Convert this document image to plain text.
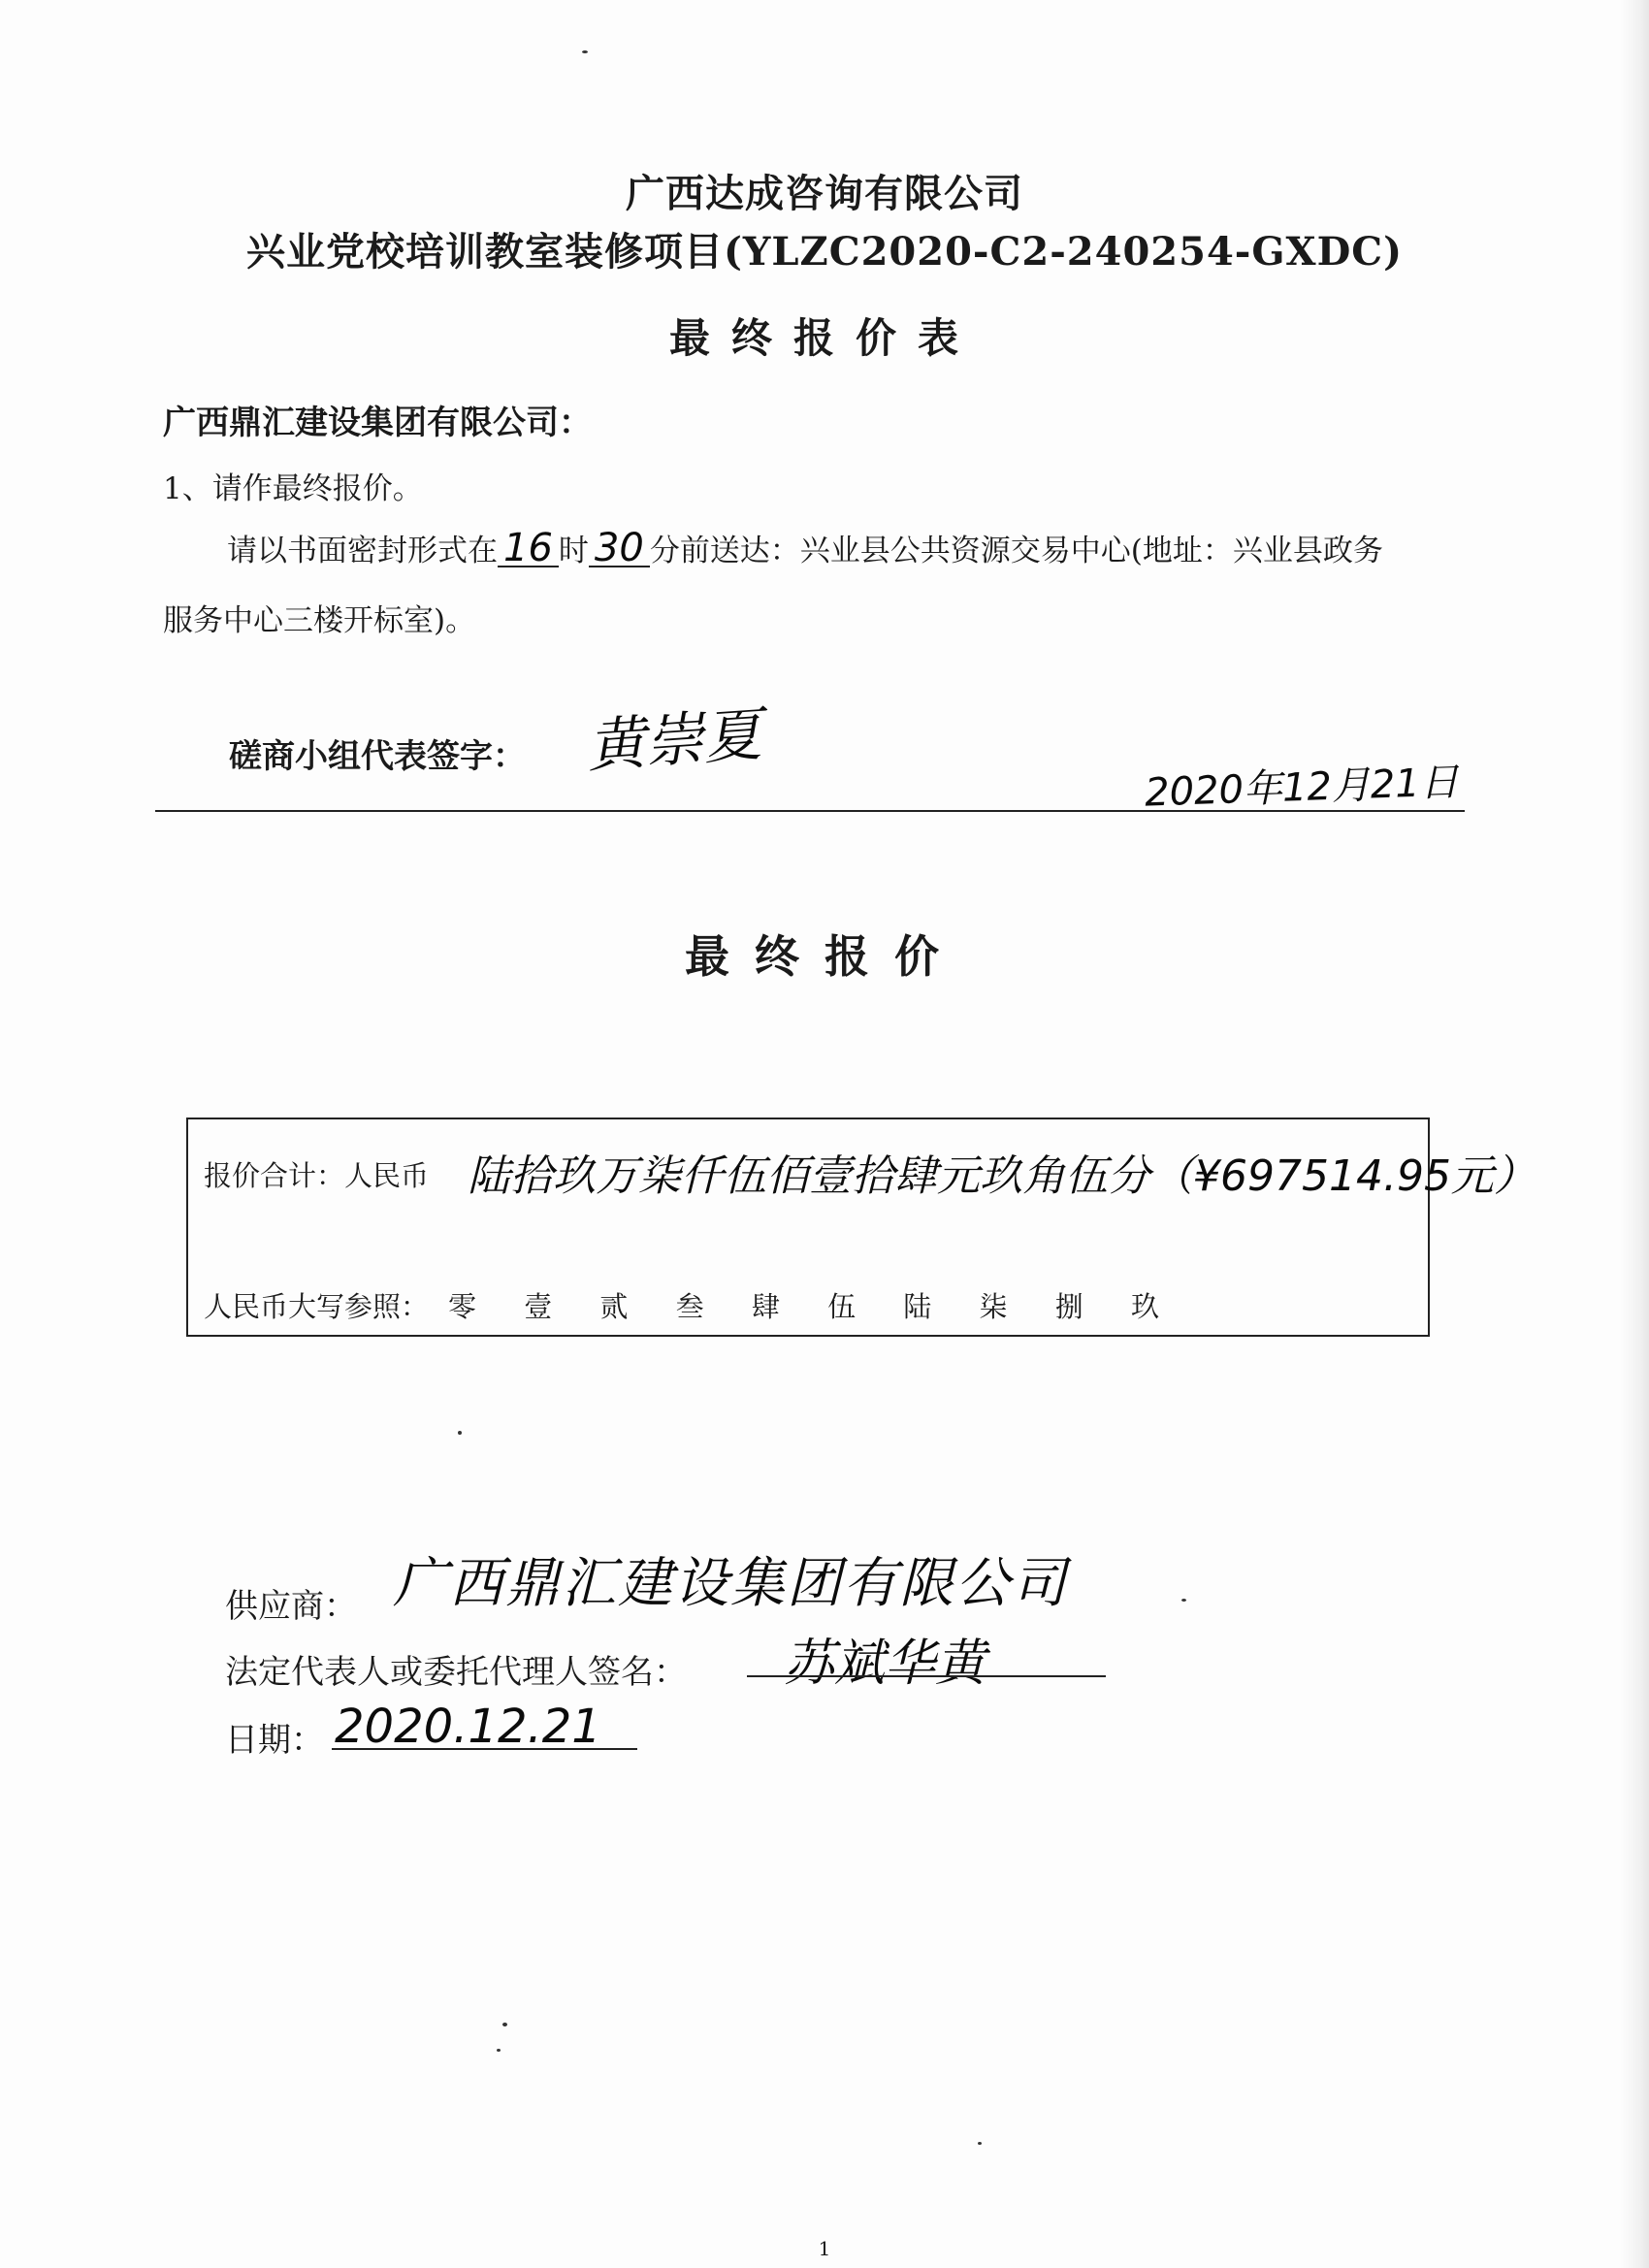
广西达成咨询有限公司
兴业党校培训教室装修项目(YLZC2020-C2-240254-GXDC)
最终报价表
广西鼎汇建设集团有限公司：
1、请作最终报价。
请以书面密封形式在 16 时 30 分前送达：兴业县公共资源交易中心(地址：兴业县政务
服务中心三楼开标室)。
磋商小组代表签字： 黄崇夏
2020年12月21日
最终报价
报价合计：人民币 陆拾玖万柒仟伍佰壹拾肆元玖角伍分（¥697514.95元）
人民币大写参照： 零 壹 贰 叁 肆 伍 陆 柒 捌 玖
供应商： 广西鼎汇建设集团有限公司
法定代表人或委托代理人签名： 苏斌华黄
日期： 2020.12.21
1
